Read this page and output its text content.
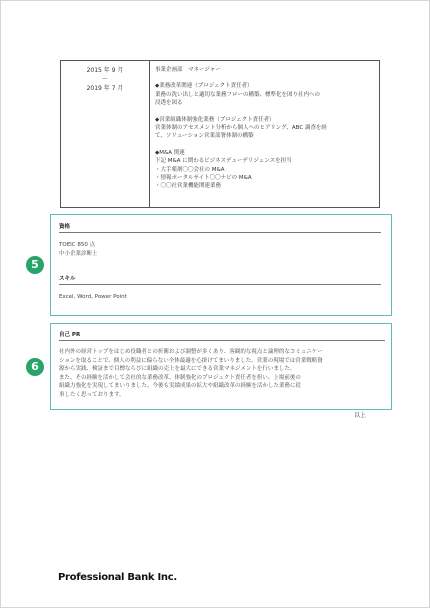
2015 年 9 月
〜
2019 年 7 月
事業企画部　マネージャー
◆業務改革関連（プロジェクト責任者）
業務の洗い出しと適切な業務フローの構築、標準化を図り社内への
浸透を図る
◆営業組織体制強化業務（プロジェクト責任者）
営業体制のアセスメント分析から個人へのヒアリング、ABC 調査を経
て、ソリューション営業部署体制の構築
◆M&A 関連
下記 M&A に関わるビジネスデューデリジェンスを担当
・大手薬剤〇〇会社の M&A
・情報ポータルサイト〇〇ナビの M&A
・〇〇社営業機能関連業務
5
資格
TOEIC 850 点
中小企業診断士
スキル
Excel, Word, Power Point
6
自己 PR
社内外の経営トップをはじめ役職者との折衝および調整が多くあり、客観的な視点と論理的なコミュニケー
ションを取ることで、個人の利益に偏らない全体最適を心掛けてまいりました。営業の現場では営業戦略資
源から実践、検証まで目標ならびに組織の売上を最大にできる営業マネジメントを行いました。
また、その経験を活かして会社的な業務改革、体制強化のプロジェクト責任者を担い、上場前後の
組織力強化を実現してまいりました。今後も実績成果の拡大や組織改革の経験を活かした業務に従
事したく思っております。
以上
Professional Bank Inc.
